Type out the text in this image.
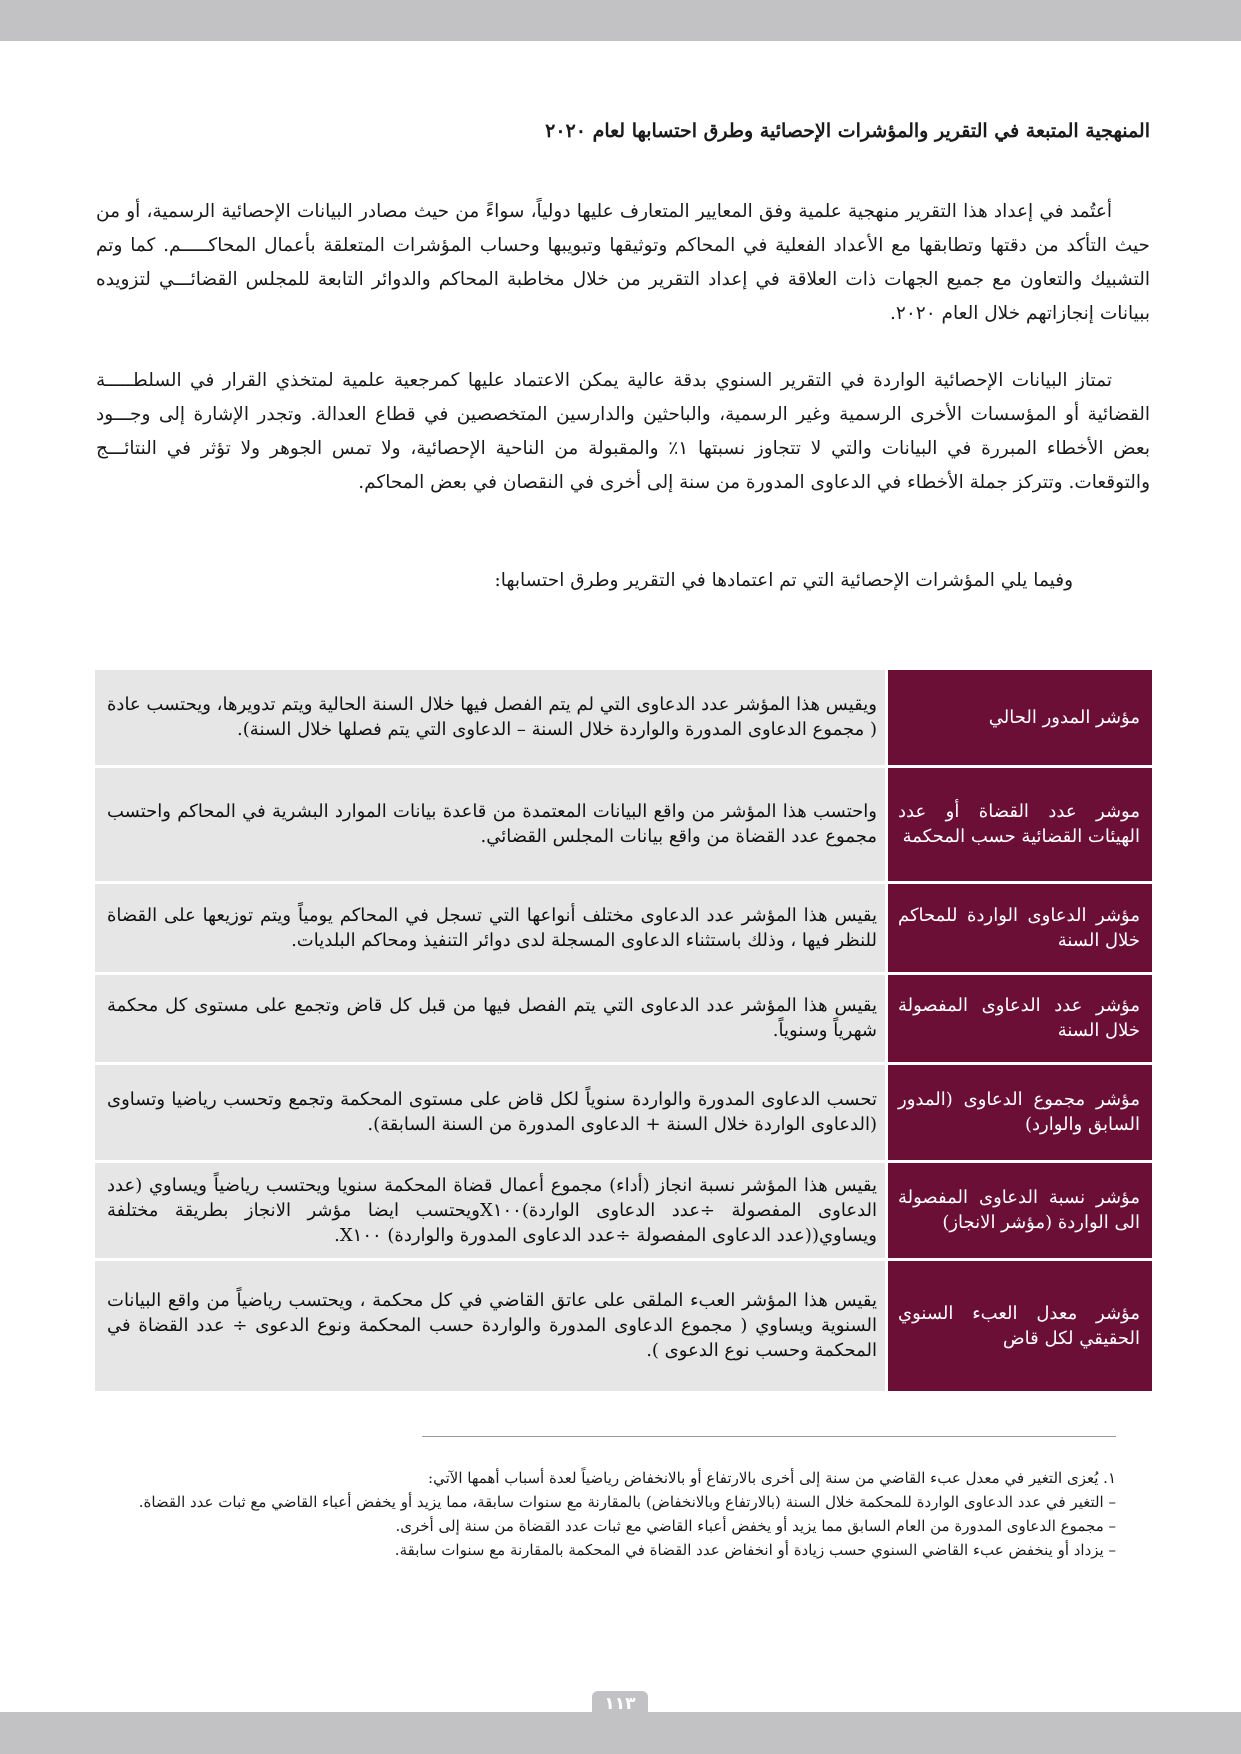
المنهجية المتبعة في التقرير والمؤشرات الإحصائية وطرق احتسابها لعام ٢٠٢٠
أعتُمد في إعداد هذا التقرير منهجية علمية وفق المعايير المتعارف عليها دولياً، سواءً من حيث مصادر البيانات الإحصائية الرسمية، أو من حيث التأكد من دقتها وتطابقها مع الأعداد الفعلية في المحاكم وتوثيقها وتبويبها وحساب المؤشرات المتعلقة بأعمال المحاكـــــم. كما وتم التشبيك والتعاون مع جميع الجهات ذات العلاقة في إعداد التقرير من خلال مخاطبة المحاكم والدوائر التابعة للمجلس القضائـــي لتزويده ببيانات إنجازاتهم خلال العام ٢٠٢٠.
تمتاز البيانات الإحصائية الواردة في التقرير السنوي بدقة عالية يمكن الاعتماد عليها كمرجعية علمية لمتخذي القرار في السلطـــــة القضائية أو المؤسسات الأخرى الرسمية وغير الرسمية، والباحثين والدارسين المتخصصين في قطاع العدالة. وتجدر الإشارة إلى وجـــود بعض الأخطاء المبررة في البيانات والتي لا تتجاوز نسبتها ١٪ والمقبولة من الناحية الإحصائية، ولا تمس الجوهر ولا تؤثر في النتائـــج والتوقعات. وتتركز جملة الأخطاء في الدعاوى المدورة من سنة إلى أخرى في النقصان في بعض المحاكم.
وفيما يلي المؤشرات الإحصائية التي تم اعتمادها في التقرير وطرق احتسابها:
مؤشر المدور الحالي	ويقيس هذا المؤشر عدد الدعاوى التي لم يتم الفصل فيها خلال السنة الحالية ويتم تدويرها، ويحتسب عادة ( مجموع الدعاوى المدورة والواردة خلال السنة – الدعاوى التي يتم فصلها خلال السنة).
موشر عدد القضاة أو عدد الهيئات القضائية حسب المحكمة	واحتسب هذا المؤشر من واقع البيانات المعتمدة من قاعدة بيانات الموارد البشرية في المحاكم واحتسب مجموع عدد القضاة من واقع بيانات المجلس القضائي.
مؤشر الدعاوى الواردة للمحاكم خلال السنة	يقيس هذا المؤشر عدد الدعاوى مختلف أنواعها التي تسجل في المحاكم يومياً ويتم توزيعها على القضاة للنظر فيها ، وذلك باستثناء الدعاوى المسجلة لدى دوائر التنفيذ ومحاكم البلديات.
مؤشر عدد الدعاوى المفصولة خلال السنة	يقيس هذا المؤشر عدد الدعاوى التي يتم الفصل فيها من قبل كل قاض وتجمع على مستوى كل محكمة شهرياً وسنوياً.
مؤشر مجموع الدعاوى (المدور السابق والوارد)	تحسب الدعاوى المدورة والواردة سنوياً لكل قاض على مستوى المحكمة وتجمع وتحسب رياضيا وتساوى (الدعاوى الواردة خلال السنة + الدعاوى المدورة من السنة السابقة).
مؤشر نسبة الدعاوى المفصولة الى الواردة (مؤشر الانجاز)	يقيس هذا المؤشر نسبة انجاز (أداء) مجموع أعمال قضاة المحكمة سنويا ويحتسب رياضياً ويساوي (عدد الدعاوى المفصولة ÷عدد الدعاوى الواردة)X١٠٠ويحتسب ايضا مؤشر الانجاز بطريقة مختلفة ويساوي((عدد الدعاوى المفصولة ÷عدد الدعاوى المدورة والواردة) X١٠٠.
مؤشر معدل العبء السنوي الحقيقي لكل قاض	يقيس هذا المؤشر العبء الملقى على عاتق القاضي في كل محكمة ، ويحتسب رياضياً من واقع البيانات السنوية ويساوي ( مجموع الدعاوى المدورة والواردة حسب المحكمة ونوع الدعوى ÷ عدد القضاة في المحكمة وحسب نوع الدعوى ).
١. يُعزى التغير في معدل عبء القاضي من سنة إلى أخرى بالارتفاع أو بالانخفاض رياضياً لعدة أسباب أهمها الآتي:
– التغير في عدد الدعاوى الواردة للمحكمة خلال السنة (بالارتفاع وبالانخفاض) بالمقارنة مع سنوات سابقة، مما يزيد أو يخفض أعباء القاضي مع ثبات عدد القضاة.
– مجموع الدعاوى المدورة من العام السابق مما يزيد أو يخفض أعباء القاضي مع ثبات عدد القضاة من سنة إلى أخرى.
– يزداد أو ينخفض عبء القاضي السنوي حسب زيادة أو انخفاض عدد القضاة في المحكمة بالمقارنة مع سنوات سابقة.
١١٣
